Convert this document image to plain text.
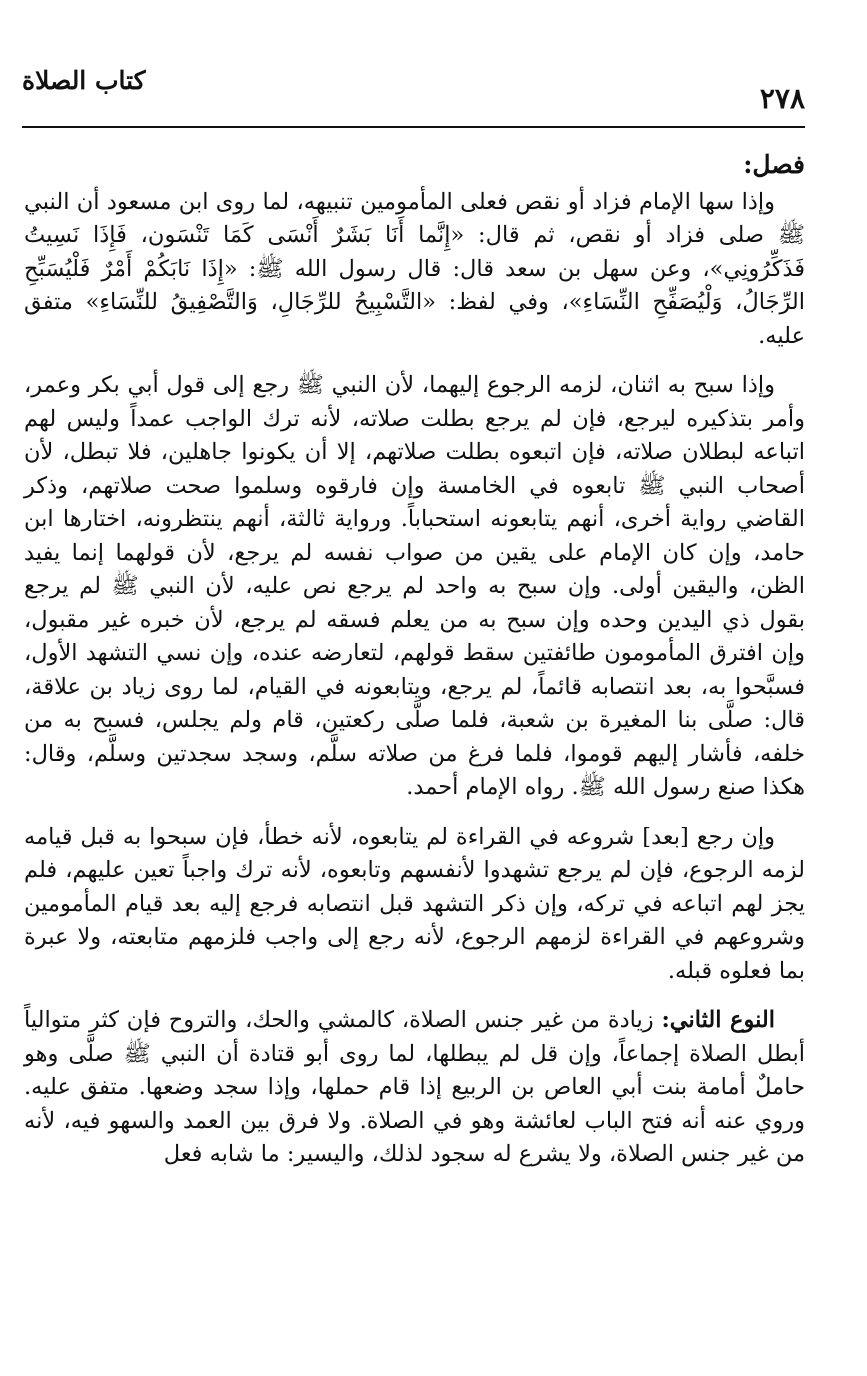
كتاب الصلاة
٢٧٨
فصل:

وإذا سها الإمام فزاد أو نقص فعلى المأمومين تنبيهه، لما روى ابن مسعود أن النبي ﷺ صلى فزاد أو نقص، ثم قال: «إِنَّما أَنَا بَشَرٌ أَنْسَى كَمَا تَنْسَون، فَإِذَا نَسِيتُ فَذَكِّرُونِي»، وعن سهل بن سعد قال: قال رسول الله ﷺ: «إِذَا نَابَكُمْ أَمْرٌ فَلْيُسَبِّحِ الرِّجَالُ، وَلْيُصَفِّحِ النِّسَاءِ»، وفي لفظ: «التَّسْبِيحُ للرِّجَالِ، وَالتَّصْفِيقُ للنِّسَاءِ» متفق عليه.

وإذا سبح به اثنان، لزمه الرجوع إليهما، لأن النبي ﷺ رجع إلى قول أبي بكر وعمر، وأمر بتذكيره ليرجع، فإن لم يرجع بطلت صلاته، لأنه ترك الواجب عمداً وليس لهم اتباعه لبطلان صلاته، فإن اتبعوه بطلت صلاتهم، إلا أن يكونوا جاهلين، فلا تبطل، لأن أصحاب النبي ﷺ تابعوه في الخامسة وإن فارقوه وسلموا صحت صلاتهم، وذكر القاضي رواية أخرى، أنهم يتابعونه استحباباً. ورواية ثالثة، أنهم ينتظرونه، اختارها ابن حامد، وإن كان الإمام على يقين من صواب نفسه لم يرجع، لأن قولهما إنما يفيد الظن، واليقين أولى. وإن سبح به واحد لم يرجع نص عليه، لأن النبي ﷺ لم يرجع بقول ذي اليدين وحده وإن سبح به من يعلم فسقه لم يرجع، لأن خبره غير مقبول، وإن افترق المأمومون طائفتين سقط قولهم، لتعارضه عنده، وإن نسي التشهد الأول، فسبَّحوا به، بعد انتصابه قائماً، لم يرجع، ويتابعونه في القيام، لما روى زياد بن علاقة، قال: صلَّى بنا المغيرة بن شعبة، فلما صلَّى ركعتين، قام ولم يجلس، فسبح به من خلفه، فأشار إليهم قوموا، فلما فرغ من صلاته سلَّم، وسجد سجدتين وسلَّم، وقال: هكذا صنع رسول الله ﷺ. رواه الإمام أحمد.

وإن رجع [بعد] شروعه في القراءة لم يتابعوه، لأنه خطأ، فإن سبحوا به قبل قيامه لزمه الرجوع، فإن لم يرجع تشهدوا لأنفسهم وتابعوه، لأنه ترك واجباً تعين عليهم، فلم يجز لهم اتباعه في تركه، وإن ذكر التشهد قبل انتصابه فرجع إليه بعد قيام المأمومين وشروعهم في القراءة لزمهم الرجوع، لأنه رجع إلى واجب فلزمهم متابعته، ولا عبرة بما فعلوه قبله.

النوع الثاني: زيادة من غير جنس الصلاة، كالمشي والحك، والتروح فإن كثر متوالياً أبطل الصلاة إجماعاً، وإن قل لم يبطلها، لما روى أبو قتادة أن النبي ﷺ صلَّى وهو حاملٌ أمامة بنت أبي العاص بن الربيع إذا قام حملها، وإذا سجد وضعها. متفق عليه. وروي عنه أنه فتح الباب لعائشة وهو في الصلاة. ولا فرق بين العمد والسهو فيه، لأنه من غير جنس الصلاة، ولا يشرع له سجود لذلك، واليسير: ما شابه فعل
